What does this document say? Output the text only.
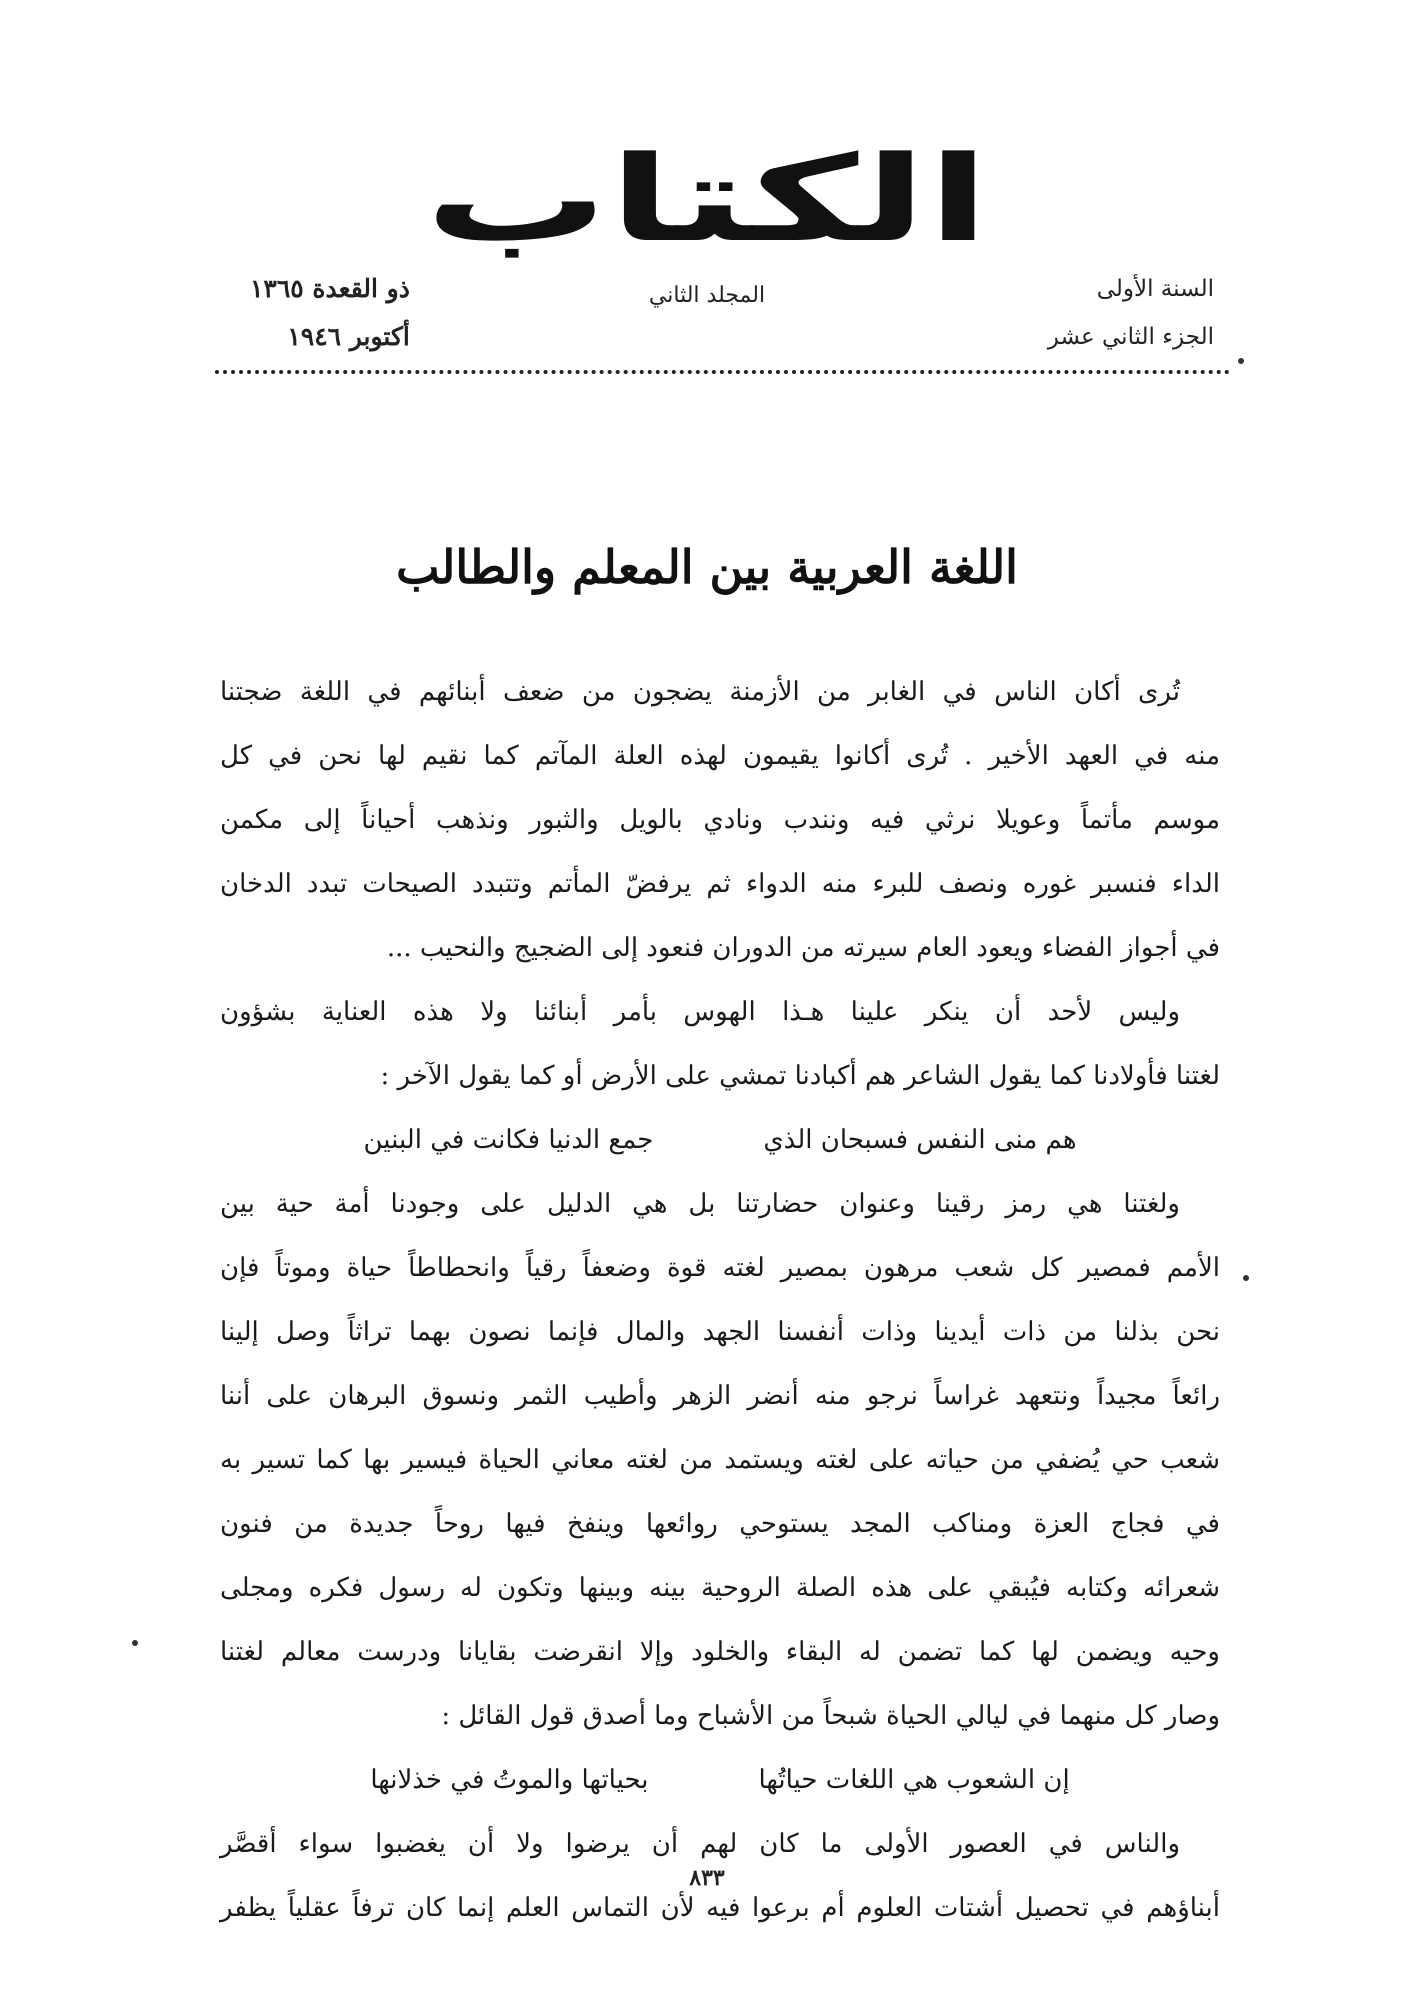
الكتاب
السنة الأولى
الجزء الثاني عشر
المجلد الثاني
ذو القعدة ١٣٦٥
أكتوبر ١٩٤٦
اللغة العربية بين المعلم والطالب
تُرى أكان الناس في الغابر من الأزمنة يضجون من ضعف أبنائهم في اللغة ضجتنا
منه في العهد الأخير . تُرى أكانوا يقيمون لهذه العلة المآتم كما نقيم لها نحن في كل
موسم مأتماً وعويلا نرثي فيه ونندب ونادي بالويل والثبور ونذهب أحياناً إلى مكمن
الداء فنسبر غوره ونصف للبرء منه الدواء ثم يرفضّ المأتم وتتبدد الصيحات تبدد الدخان
في أجواز الفضاء ويعود العام سيرته من الدوران فنعود إلى الضجيج والنحيب ...
وليس لأحد أن ينكر علينا هـذا الهوس بأمر أبنائنا ولا هذه العناية بشؤون
لغتنا فأولادنا كما يقول الشاعر هم أكبادنا تمشي على الأرض أو كما يقول الآخر :
هم منى النفس فسبحان الذي
جمع الدنيا فكانت في البنين
ولغتنا هي رمز رقينا وعنوان حضارتنا بل هي الدليل على وجودنا أمة حية بين
الأمم فمصير كل شعب مرهون بمصير لغته قوة وضعفاً رقياً وانحطاطاً حياة وموتاً فإن
نحن بذلنا من ذات أيدينا وذات أنفسنا الجهد والمال فإنما نصون بهما تراثاً وصل إلينا
رائعاً مجيداً ونتعهد غراساً نرجو منه أنضر الزهر وأطيب الثمر ونسوق البرهان على أننا
شعب حي يُضفي من حياته على لغته ويستمد من لغته معاني الحياة فيسير بها كما تسير به
في فجاج العزة ومناكب المجد يستوحي روائعها وينفخ فيها روحاً جديدة من فنون
شعرائه وكتابه فيُبقي على هذه الصلة الروحية بينه وبينها وتكون له رسول فكره ومجلى
وحيه ويضمن لها كما تضمن له البقاء والخلود وإلا انقرضت بقايانا ودرست معالم لغتنا
وصار كل منهما في ليالي الحياة شبحاً من الأشباح وما أصدق قول القائل :
إن الشعوب هي اللغات حياتُها
بحياتها والموتُ في خذلانها
والناس في العصور الأولى ما كان لهم أن يرضوا ولا أن يغضبوا سواء أقصَّر
أبناؤهم في تحصيل أشتات العلوم أم برعوا فيه لأن التماس العلم إنما كان ترفاً عقلياً يظفر
٨٣٣
